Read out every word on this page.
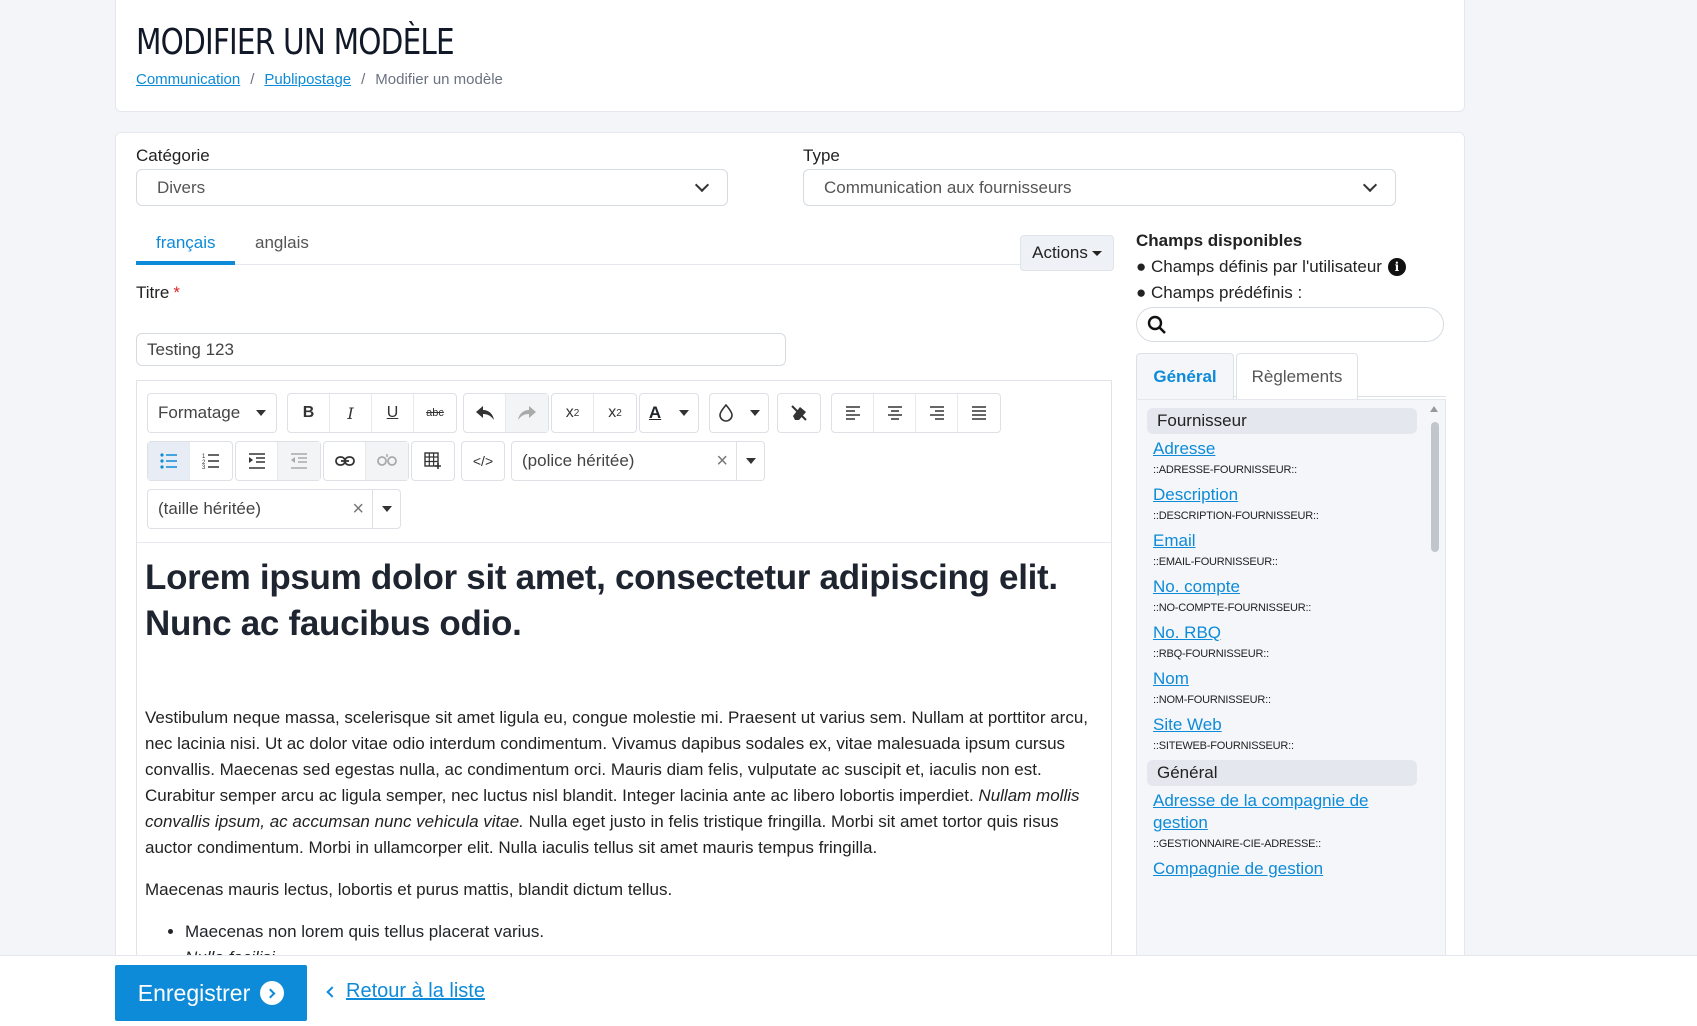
MODIFIER UN MODÈLE
Communication / Publipostage / Modifier un modèle
Catégorie
Divers
Type
Communication aux fournisseurs
français	anglais
Actions
Titre *
Testing 123
Formatage	B	I	U	abc	x 2	x 2 A
1
2
3	</>	(police héritée)	×
(taille héritée)	×
Lorem ipsum dolor sit amet, consectetur adipiscing elit. Nunc ac faucibus odio.

Vestibulum neque massa, scelerisque sit amet ligula eu, congue molestie mi. Praesent ut varius sem. Nullam at porttitor arcu, nec lacinia nisi. Ut ac dolor vitae odio interdum condimentum. Vivamus dapibus sodales ex, vitae malesuada ipsum cursus convallis. Maecenas sed egestas nulla, ac condimentum orci. Mauris diam felis, vulputate ac suscipit et, iaculis non est. Curabitur semper arcu ac ligula semper, nec luctus nisl blandit. Integer lacinia ante ac libero lobortis imperdiet. Nullam mollis convallis ipsum, ac accumsan nunc vehicula vitae. Nulla eget justo in felis tristique fringilla. Morbi sit amet tortor quis risus auctor condimentum. Morbi in ullamcorper elit. Nulla iaculis tellus sit amet mauris tempus fringilla.

Maecenas mauris lectus, lobortis et purus mattis, blandit dictum tellus.

• Maecenas non lorem quis tellus placerat varius.
•
Champs disponibles
● Champs définis par l'utilisateur	i
● Champs prédéfinis :
Général	Règlements
Fournisseur
Adresse
::ADRESSE-FOURNISSEUR::
Description
::DESCRIPTION-FOURNISSEUR::
Email
::EMAIL-FOURNISSEUR::
No. compte
::NO-COMPTE-FOURNISSEUR::
No. RBQ
::RBQ-FOURNISSEUR::
Nom
::NOM-FOURNISSEUR::
Site Web
::SITEWEB-FOURNISSEUR::
Général
Adresse de la compagnie de gestion
::GESTIONNAIRE-CIE-ADRESSE::
Compagnie de gestion
Enregistrer	Retour à la liste
